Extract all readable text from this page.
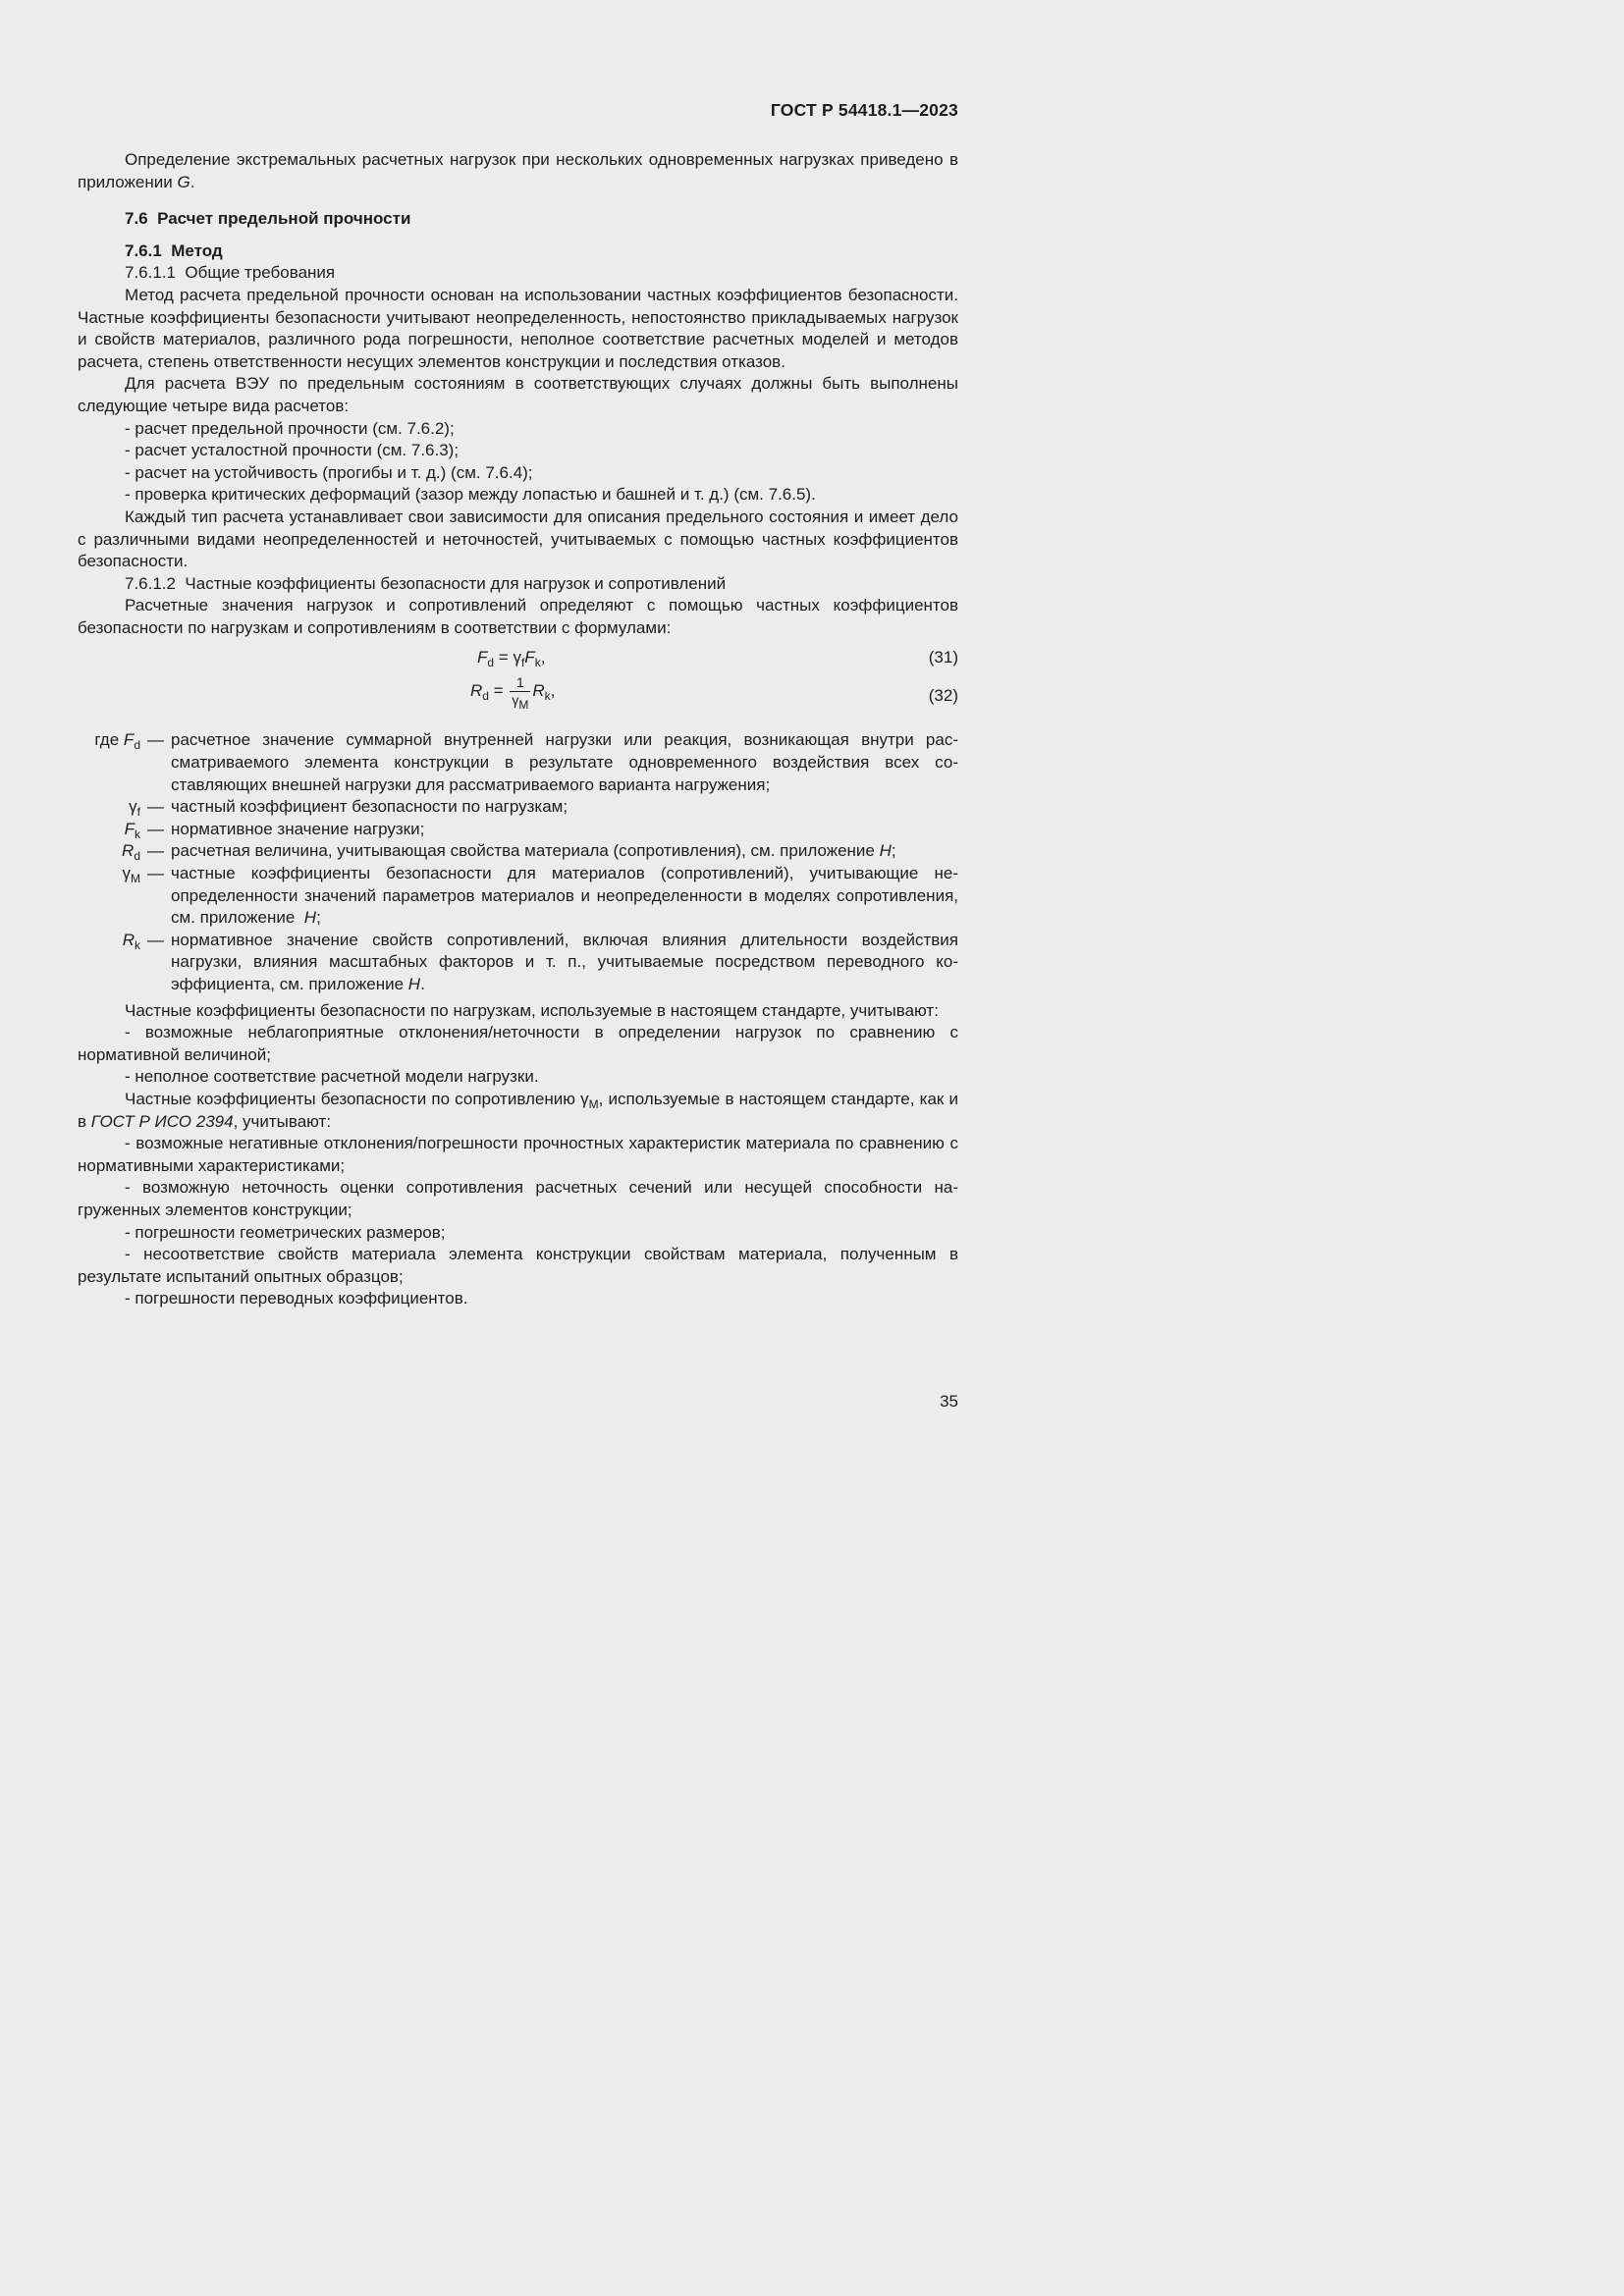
ГОСТ Р 54418.1—2023

Определение экстремальных расчетных нагрузок при нескольких одновременных нагрузках приведено в приложении G.

7.6 Расчет предельной прочности

7.6.1 Метод

7.6.1.1  Общие требования

Метод расчета предельной прочности основан на использовании частных коэффициентов безопасности. Частные коэффициенты безопасности учитывают неопределенность, непостоянство прикладываемых нагрузок и свойств материалов, различного рода погрешности, неполное соответствие расчетных моделей и методов расчета, степень ответственности несущих элементов конструкции и последствия отказов.

Для расчета ВЭУ по предельным состояниям в соответствующих случаях должны быть выполнены следующие четыре вида расчетов:

- расчет предельной прочности (см. 7.6.2);

- расчет усталостной прочности (см. 7.6.3);

- расчет на устойчивость (прогибы и т. д.) (см. 7.6.4);

- проверка критических деформаций (зазор между лопастью и башней и т. д.) (см. 7.6.5).

Каждый тип расчета устанавливает свои зависимости для описания предельного состояния и имеет дело с различными видами неопределенностей и неточностей, учитываемых с помощью частных коэффициентов безопасности.

7.6.1.2  Частные коэффициенты безопасности для нагрузок и сопротивлений

Расчетные значения нагрузок и сопротивлений определяют с помощью частных коэффициентов безопасности по нагрузкам и сопротивлениям в соответствии с формулами:

$F_d = \gamma_fF_k$,	(31)
$R_d = \frac{1}{\gamma_M} R_k$,	(32)
где $F_d$	—	расчетное значение суммарной внутренней нагрузки или реакция, возникающая внутри рассматриваемого элемента конструкции в результате одновременного воздействия всех составляющих внешней нагрузки для рассматриваемого варианта нагружения;
$\gamma_f$	—	частный коэффициент безопасности по нагрузкам;
$F_k$	—	нормативное значение нагрузки;
$R_d$	—	расчетная величина, учитывающая свойства материала (сопротивления), см. приложение H;
$\gamma_M$	—	частные коэффициенты безопасности для материалов (сопротивлений), учитывающие неопределенности значений параметров материалов и неопределенности в моделях сопротивления, см. приложение  H;
$R_k$	—	нормативное значение свойств сопротивлений, включая влияния длительности воздействия нагрузки, влияния масштабных факторов и т. п., учитываемые посредством переводного коэффициента, см. приложение H.

Частные коэффициенты безопасности по нагрузкам, используемые в настоящем стандарте, учитывают:

- возможные неблагоприятные отклонения/неточности в определении нагрузок по сравнению с нормативной величиной;

- неполное соответствие расчетной модели нагрузки.

Частные коэффициенты безопасности по сопротивлению $\gamma_M$, используемые в настоящем стандарте, как и в ГОСТ Р ИСО 2394, учитывают:

- возможные негативные отклонения/погрешности прочностных характеристик материала по сравнению с нормативными характеристиками;

- возможную неточность оценки сопротивления расчетных сечений или несущей способности нагруженных элементов конструкции;

- погрешности геометрических размеров;

- несоответствие свойств материала элемента конструкции свойствам материала, полученным в результате испытаний опытных образцов;

- погрешности переводных коэффициентов.

35
